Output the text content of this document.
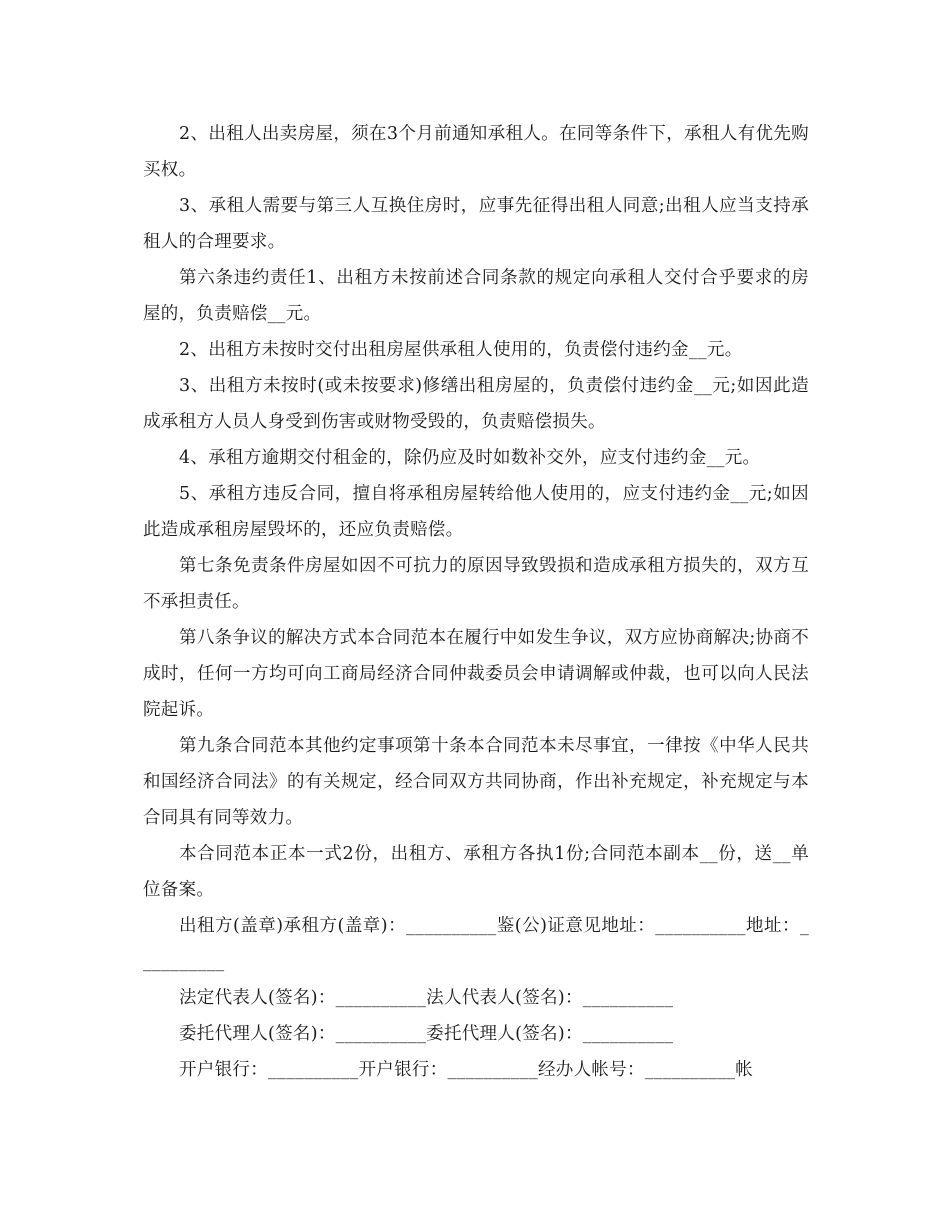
2、出租人出卖房屋，须在3个月前通知承租人。在同等条件下，承租人有优先购买权。

3、承租人需要与第三人互换住房时，应事先征得出租人同意;出租人应当支持承租人的合理要求。

第六条违约责任1、出租方未按前述合同条款的规定向承租人交付合乎要求的房屋的，负责赔偿__元。

2、出租方未按时交付出租房屋供承租人使用的，负责偿付违约金__元。

3、出租方未按时(或未按要求)修缮出租房屋的，负责偿付违约金__元;如因此造成承租方人员人身受到伤害或财物受毁的，负责赔偿损失。

4、承租方逾期交付租金的，除仍应及时如数补交外，应支付违约金__元。

5、承租方违反合同，擅自将承租房屋转给他人使用的，应支付违约金__元;如因此造成承租房屋毁坏的，还应负责赔偿。

第七条免责条件房屋如因不可抗力的原因导致毁损和造成承租方损失的，双方互不承担责任。

第八条争议的解决方式本合同范本在履行中如发生争议，双方应协商解决;协商不成时，任何一方均可向工商局经济合同仲裁委员会申请调解或仲裁，也可以向人民法院起诉。

第九条合同范本其他约定事项第十条本合同范本未尽事宜，一律按《中华人民共和国经济合同法》的有关规定，经合同双方共同协商，作出补充规定，补充规定与本合同具有同等效力。

本合同范本正本一式2份，出租方、承租方各执1份;合同范本副本__份，送__单位备案。

出租方(盖章)承租方(盖章)：__________鉴(公)证意见地址：__________地址：__________

法定代表人(签名)：__________法人代表人(签名)：__________

委托代理人(签名)：__________委托代理人(签名)：__________

开户银行：__________开户银行：__________经办人帐号：__________帐
